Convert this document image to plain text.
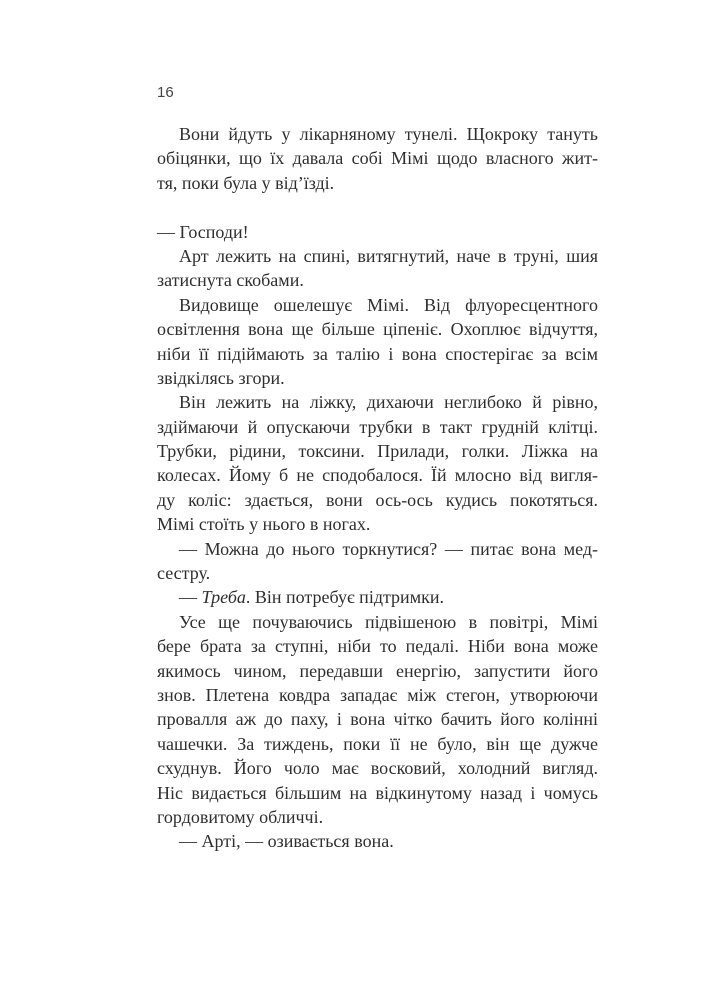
16
Вони йдуть у лікарняному тунелі. Щокроку тануть
обіцянки, що їх давала собі Мімі щодо власного жит-
тя, поки була у від’їзді.
— Господи!
Арт лежить на спині, витягнутий, наче в труні, шия
затиснута скобами.
Видовище ошелешує Мімі. Від флуоресцентного
освітлення вона ще більше ціпеніє. Охоплює відчуття,
ніби її підіймають за талію і вона спостерігає за всім
звідкілясь згори.
Він лежить на ліжку, дихаючи неглибоко й рівно,
здіймаючи й опускаючи трубки в такт грудній клітці.
Трубки, рідини, токсини. Прилади, голки. Ліжка на
колесах. Йому б не сподобалося. Їй млосно від вигля-
ду коліс: здається, вони ось-ось кудись покотяться.
Мімі стоїть у нього в ногах.
— Можна до нього торкнутися? — питає вона мед-
сестру.
— Треба. Він потребує підтримки.
Усе ще почуваючись підвішеною в повітрі, Мімі
бере брата за ступні, ніби то педалі. Ніби вона може
якимось чином, передавши енергію, запустити його
знов. Плетена ковдра западає між стегон, утворюючи
провалля аж до паху, і вона чітко бачить його колінні
чашечки. За тиждень, поки її не було, він ще дужче
схуднув. Його чоло має восковий, холодний вигляд.
Ніс видається більшим на відкинутому назад і чомусь
гордовитому обличчі.
— Арті, — озивається вона.
